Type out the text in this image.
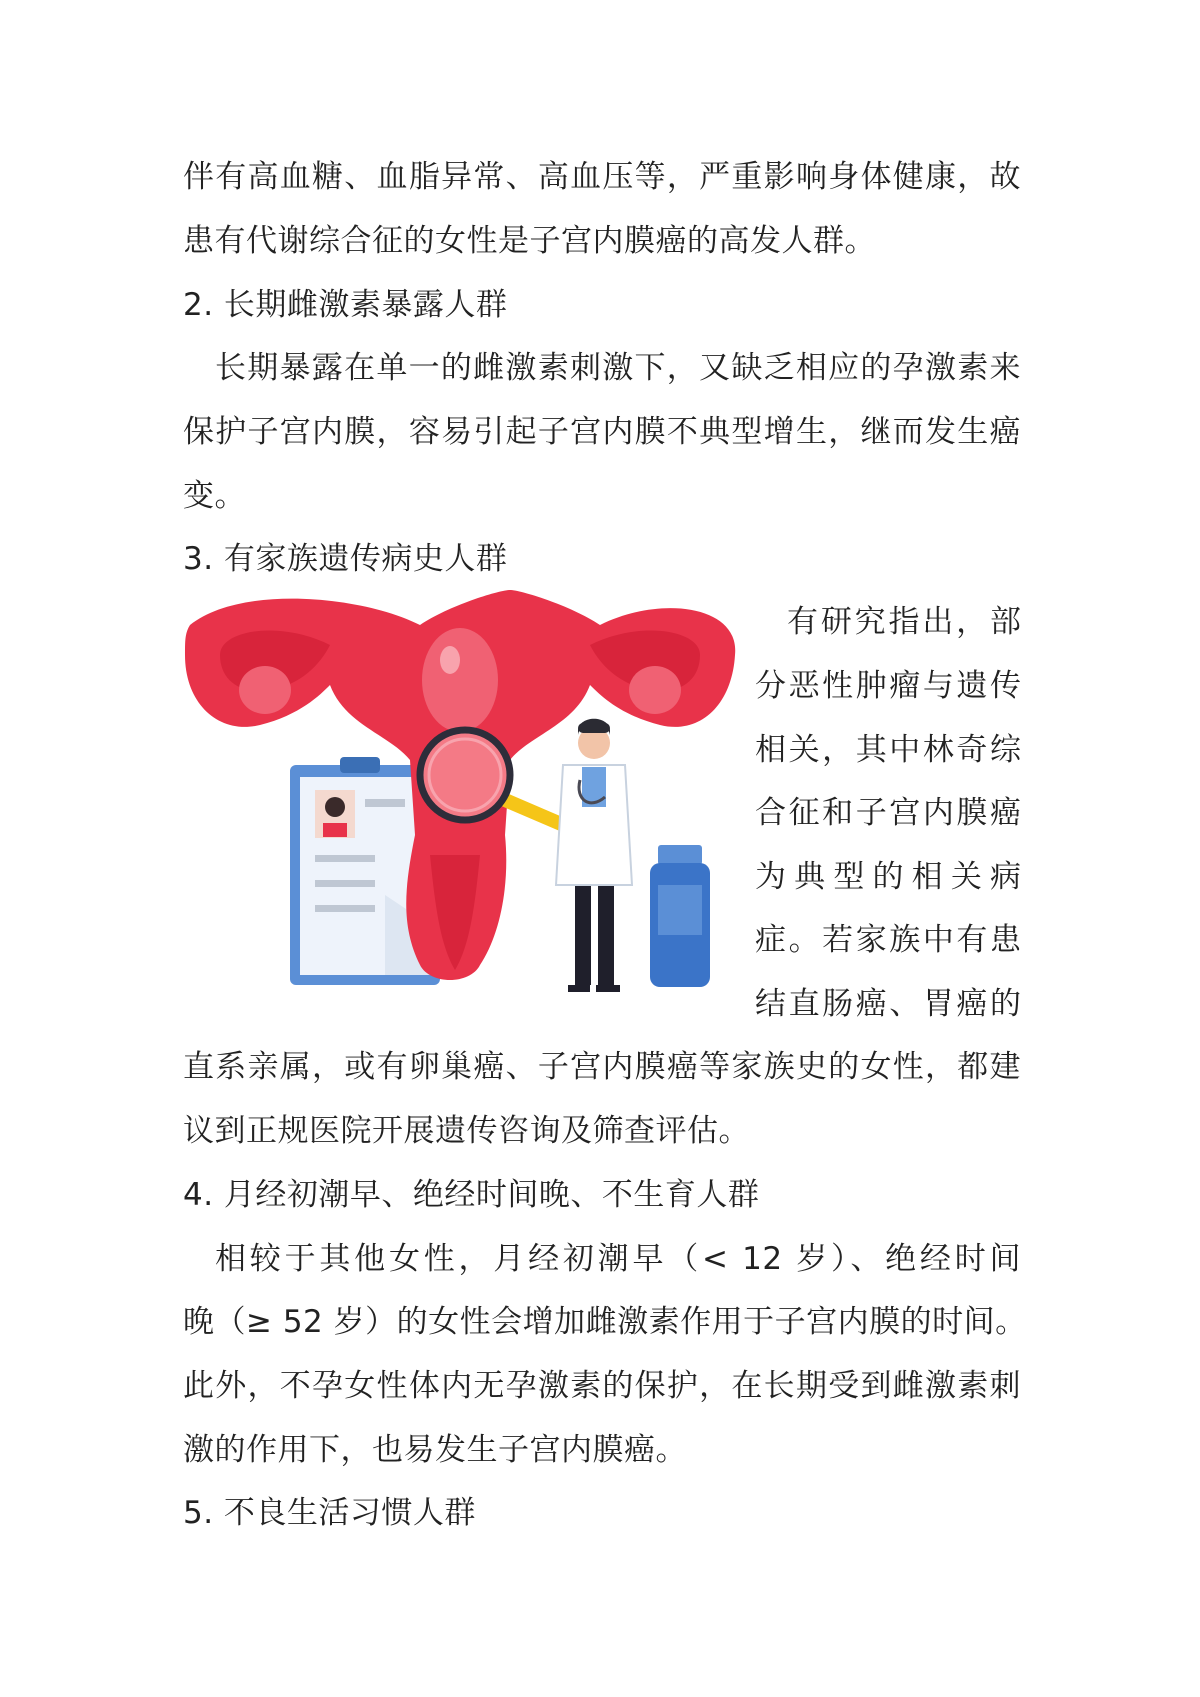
伴有高血糖、血脂异常、高血压等，严重影响身体健康，故
患有代谢综合征的女性是子宫内膜癌的高发人群。
2. 长期雌激素暴露人群
长期暴露在单一的雌激素刺激下，又缺乏相应的孕激素来
保护子宫内膜，容易引起子宫内膜不典型增生，继而发生癌
变。
3. 有家族遗传病史人群
有研究指出，部
分恶性肿瘤与遗传
相关，其中林奇综
合征和子宫内膜癌
为典型的相关病
症。若家族中有患
结直肠癌、胃癌的
直系亲属，或有卵巢癌、子宫内膜癌等家族史的女性，都建
议到正规医院开展遗传咨询及筛查评估。
4. 月经初潮早、绝经时间晚、不生育人群
相较于其他女性，月经初潮早（< 12 岁）、绝经时间
晚（≥ 52 岁）的女性会增加雌激素作用于子宫内膜的时间。
此外，不孕女性体内无孕激素的保护，在长期受到雌激素刺
激的作用下，也易发生子宫内膜癌。
5. 不良生活习惯人群
